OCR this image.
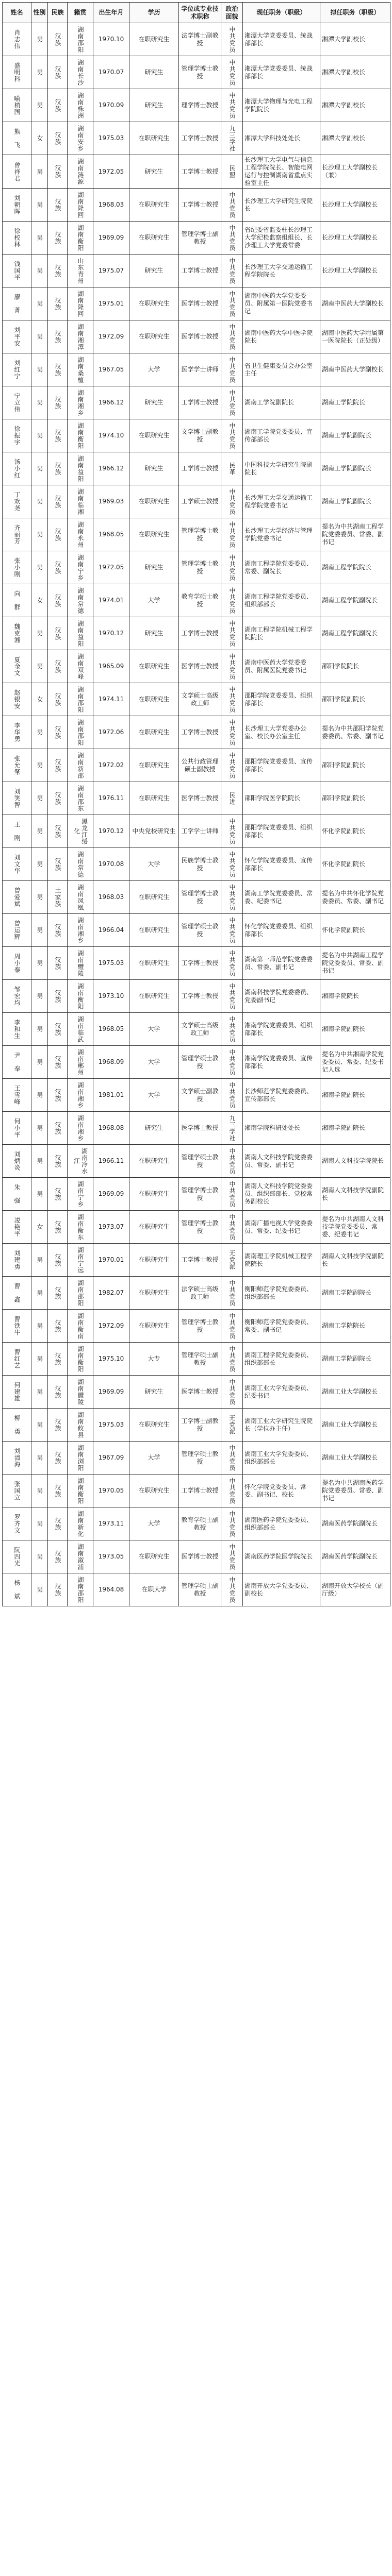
姓名	性别	民族	籍贯	出生年月	学历	学位或专业技术职称	政治面貌	现任职务（职级）	拟任职务（职级）
肖志伟	男	汉族	湖南邵阳	1970.10	在职研究生	法学博士副教授	中共党员	湘潭大学党委委员、统战部部长	湘潭大学副校长
盛明科	男	汉族	湖南长沙	1970.07	研究生	管理学博士教授	中共党员	湘潭大学党委委员、统战部部长	湘潭大学副校长
喻植国	男	汉族	湖南株洲	1970.09	研究生	理学博士教授	中共党员	湘潭大学物理与光电工程学院院长	湘潭大学副校长
熊　飞	女	汉族	湖南安乡	1975.03	在职研究生	工学博士教授	九三学社	湘潭大学科技处处长	湘潭大学副校长
曾祥君	男	汉族	湖南涟源	1972.05	研究生	工学博士教授	民盟	长沙理工大学电气与信息工程学院院长、智能电网运行与控制湖南省重点实验室主任	长沙理工大学副校长（兼）
刘朝晖	男	汉族	湖南隆回	1968.03	在职研究生	工学博士教授	中共党员	长沙理工大学研究生院院长	长沙理工大学副校长
徐校林	男	汉族	湖南衡阳	1969.09	在职研究生	管理学博士副教授	中共党员	省纪委省监委驻长沙理工大学纪检监察组组长、长沙理工大学党委常委	长沙理工大学副校长
钱国平	男	汉族	山东青州	1975.07	研究生	工学博士教授	中共党员	长沙理工大学交通运输工程学院院长	长沙理工大学副校长
廖　菁	男	汉族	湖南隆回	1975.01	在职研究生	医学博士教授	中共党员	湖南中医药大学党委委员、附属第一医院党委书记	湖南中医药大学副校长
刘平安	男	汉族	湖南湘潭	1972.09	在职研究生	医学博士教授	中共党员	湖南中医药大学中医学院院长	湖南中医药大学附属第一医院院长（正处级）
刘红宁	男	汉族	湖南桑植	1967.05	大学	医学学士讲师	中共党员	省卫生健康委员会办公室主任	湖南中医药大学副校长
宁立伟	男	汉族	湖南湘乡	1966.12	研究生	工学博士教授	中共党员	湖南工学院副院长	湖南工学院院长
徐振宇	男	汉族	湖南衡阳	1974.10	在职研究生	文学博士副教授	中共党员	湖南工学院党委委员、宣传部部长	湖南工学院副院长
汤小红	男	汉族	湖南益阳	1966.12	研究生	工学博士教授	民革	中国科技大学研究生院副院长	湖南工学院副院长
丁欢尧	男	汉族	湖南临湘	1969.03	在职研究生	工学硕士教授	中共党员	长沙理工大学交通运输工程学院党委书记	湖南工学院副院长
齐丽芳	男	汉族	湖南永州	1968.05	在职研究生	管理学博士教授	中共党员	长沙理工大学经济与管理学院党委书记	提名为中共湖南工程学院党委委员、常委、副书记
张小刚	男	汉族	湖南宁乡	1972.05	研究生	管理学博士教授	中共党员	湖南工程学院党委委员、常委、副院长	湖南工程学院院长
向　群	女	汉族	湖南常德	1974.01	大学	教育学硕士教授	中共党员	湖南工程学院党委委员、组织部部长	湖南工程学院副院长
魏克湘	男	汉族	湖南益阳	1970.12	研究生	工学博士教授	中共党员	湖南工程学院机械工程学院院长	湖南工程学院副院长
夏金文	男	汉族	湖南双峰	1965.09	在职研究生	医学博士教授	中共党员	湖南中医药大学党委委员、附属医院党委书记	邵阳学院院长
赵银安	女	汉族	湖南邵阳	1974.11	在职研究生	文学硕士高级政工师	中共党员	邵阳学院党委委员、组织部部长	邵阳学院副院长
李华勇	男	汉族	湖南邵阳	1972.06	在职研究生	工学博士教授	中共党员	长沙理工大学党委办公室、校长办公室主任	提名为中共邵阳学院党委委员、常委、副书记
张允肇	男	汉族	湖南新邵	1972.02	在职研究生	公共行政管理硕士副教授	中共党员	邵阳学院党委委员、宣传部部长	邵阳学院副院长
刘笑智	男	汉族	湖南邵东	1976.11	在职研究生	医学博士教授	民进	邵阳学院医学院院长	邵阳学院副院长
王　刚	男	汉族	黑龙江绥化	1970.12	中央党校研究生	工学学士讲师	中共党员	邵阳学院党委委员、组织部部长	怀化学院副院长
刘文华	男	汉族	湖南常德	1970.08	大学	民族学博士教授	中共党员	怀化学院党委委员、宣传部部长	怀化学院副院长
曾爱斌	男	土家族	湖南凤凰	1968.03	在职研究生	管理学博士教授	中共党员	湖南工学院党委委员、常委、纪委书记	提名为中共怀化学院党委委员、常委、副书记
曾运辉	男	汉族	湖南湘乡	1966.04	在职研究生	管理学硕士教授	中共党员	怀化学院党委委员、组织部部长	怀化学院副院长
周小泰	男	汉族	湖南醴陵	1975.03	在职研究生	工学博士教授	中共党员	湖南第一师范学院党委委员、常委、副书记	提名为中共湖南工程学院党委委员、常委、副书记
邹宏均	男	汉族	湖南衡阳	1973.10	在职研究生	工学博士教授	中共党员	湖南科技学院党委委员、党委副书记	湘南学院院长
李和生	男	汉族	湖南临武	1968.05	大学	文学硕士高级政工师	中共党员	湘南学院党委委员、组织部部长	湘南学院副院长
尹　奉	男	汉族	湖南郴州	1968.09	大学	管理学硕士教授	中共党员	湘南学院党委委员、宣传部部长	提名为中共湘南学院党委委员、常委、纪委书记人选
王雪峰	男	汉族	湖南湘乡	1981.01	大学	文学硕士副教授	中共党员	长沙师范学院党委委员、宣传部部长	湘南学院副院长
何小平	男	汉族	湖南湘乡	1968.08	研究生	医学博士教授	九三学社	湘南学院科研处处长	湘南学院副院长
刘炳炎	男	汉族	湖南冷水江	1966.11	在职研究生	管理学硕士教授	中共党员	湖南人文科技学院党委委员、常委、副书记	湖南人文科技学院院长
朱　强	男	汉族	湖南宁乡	1969.09	在职研究生	管理学博士教授	中共党员	湖南人文科技学院党委委员、组织部部长、党校常务副校长	湖南人文科技学院副院长
凌艳平	女	汉族	湖南衡东	1973.07	在职研究生	管理学博士教授	中共党员	湖南广播电视大学党委委员、常委、纪委书记	提名为中共湖南人文科技学院党委委员、常委、纪委书记
刘建勇	男	汉族	湖南宁远	1970.01	在职研究生	工学博士教授	无党派	湖南理工学院机械工程学院院长	湖南人文科技学院副院长
曹　鑫	男	汉族	湖南邵阳	1982.07	在职研究生	法学硕士高级政工师	中共党员	衡阳师范学院党委委员、组织部部长	湖南工学院副院长
曹铁牛	男	汉族	湖南衡南	1972.09	在职研究生	管理学博士教授	中共党员	衡阳师范学院党委委员、常委、副书记	湖南工学院院长
曹红艺	男	汉族	湖南衡阳	1975.10	大专	管理学硕士副教授	中共党员	湖南工程学院党委委员、组织部部长	湖南工学院副院长
何建雄	男	汉族	湖南醴陵	1969.09	研究生	医学博士教授	中共党员	湖南工业大学党委委员、纪委书记	湖南工业大学副校长
柳　勇	男	汉族	湖南攸县	1975.03	在职研究生	工学博士副教授	无党派	湖南工业大学研究生院院长（学位办主任）	湖南工业大学副校长
刘清海	男	汉族	湖南浏阳	1967.09	大学	管理学硕士教授	中共党员	湖南工业大学党委委员、组织部部长	湖南工业大学副校长
张国立	男	汉族	湖南衡阳	1970.05	在职研究生	工学博士教授	中共党员	怀化学院党委委员、常委、副书记、校长	提名为中共湖南医药学院党委委员、常委、副书记
罗齐文	男	汉族	湖南新化	1973.11	大学	教育学硕士副教授	中共党员	湖南医药学院党委委员、组织部部长	湖南医药学院副院长
阮四光	男	汉族	湖南溆浦	1973.05	在职研究生	医学博士教授	中共党员	湖南医药学院医学院院长	湖南医药学院副院长
杨　斌	男	汉族	湖南邵阳	1964.08	在职大学	管理学硕士副教授	中共党员	湖南开放大学党委委员、副校长	湖南开放大学校长（副厅级）
